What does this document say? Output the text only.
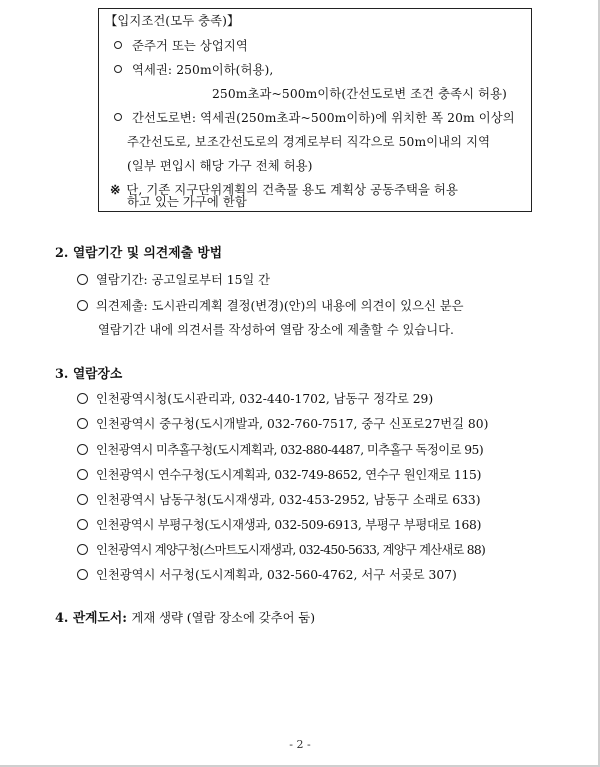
【입지조건(모두 충족)】
준주거 또는 상업지역
역세권: 250m이하(허용),
250m초과~500m이하(간선도로변 조건 충족시 허용)
간선도로변: 역세권(250m초과~500m이하)에 위치한 폭 20m 이상의
주간선도로, 보조간선도로의 경계로부터 직각으로 50m이내의 지역
(일부 편입시 해당 가구 전체 허용)
※ 단, 기존 지구단위계획의 건축물 용도 계획상 공동주택을 허용
하고 있는 가구에 한함
2. 열람기간 및 의견제출 방법
열람기간: 공고일로부터 15일 간
의견제출: 도시관리계획 결정(변경)(안)의 내용에 의견이 있으신 분은
열람기간 내에 의견서를 작성하여 열람 장소에 제출할 수 있습니다.
3. 열람장소
인천광역시청(도시관리과, 032-440-1702, 남동구 정각로 29)
인천광역시 중구청(도시개발과, 032-760-7517, 중구 신포로27번길 80)
인천광역시 미추홀구청(도시계획과, 032-880-4487, 미추홀구 독정이로 95)
인천광역시 연수구청(도시계획과, 032-749-8652, 연수구 원인재로 115)
인천광역시 남동구청(도시재생과, 032-453-2952, 남동구 소래로 633)
인천광역시 부평구청(도시재생과, 032-509-6913, 부평구 부평대로 168)
인천광역시 계양구청(스마트도시재생과, 032-450-5633, 계양구 계산새로 88)
인천광역시 서구청(도시계획과, 032-560-4762, 서구 서곶로 307)
4. 관계도서: 게재 생략 (열람 장소에 갖추어 둠)
- 2 -
